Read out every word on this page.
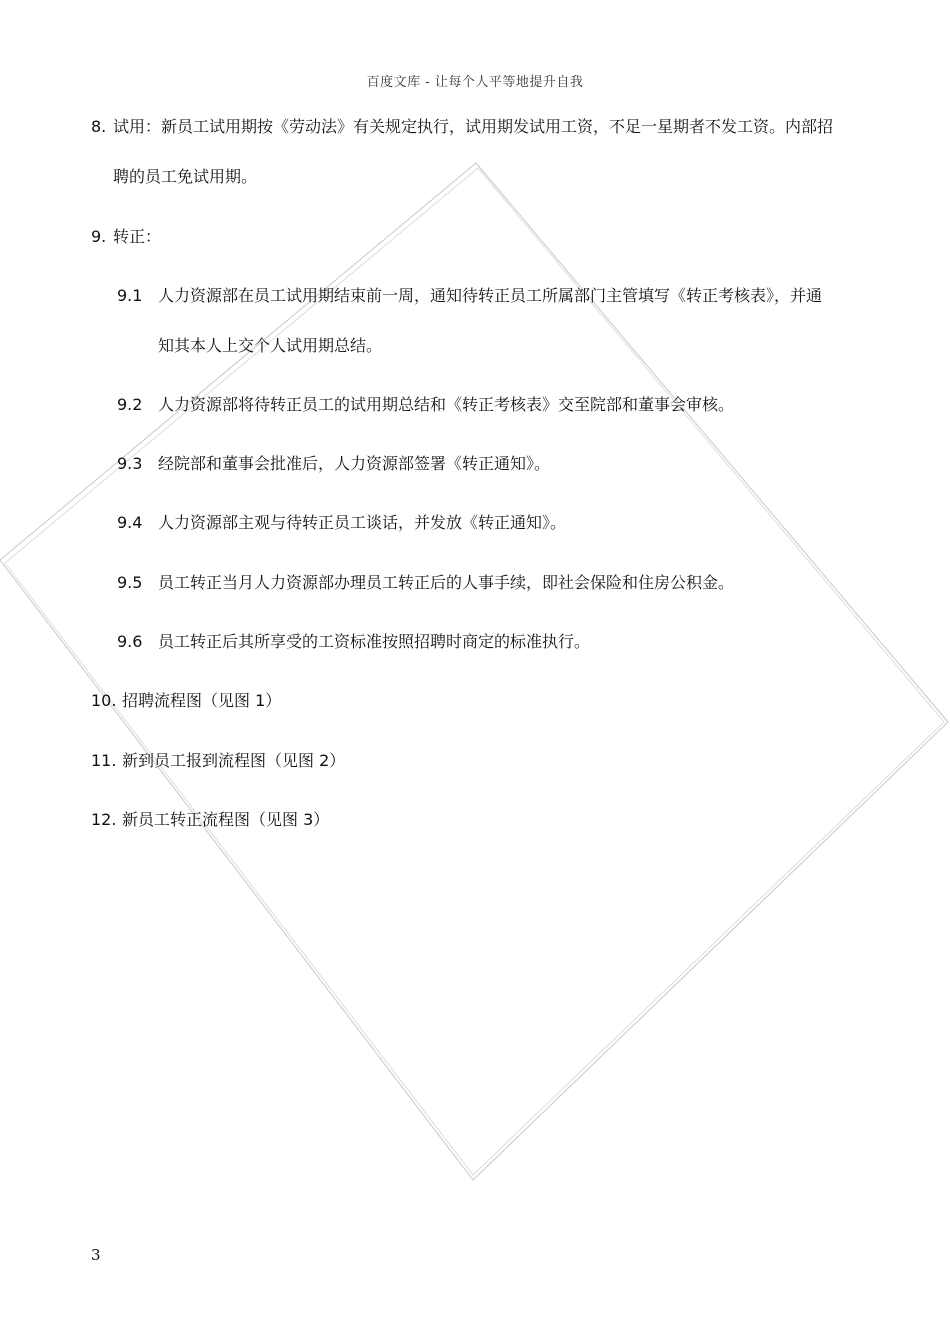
百度文库 - 让每个人平等地提升自我
8. 试用：新员工试用期按《劳动法》有关规定执行，试用期发试用工资，不足一星期者不发工资。内部招
聘的员工免试用期。
9. 转正：
9.1 人力资源部在员工试用期结束前一周，通知待转正员工所属部门主管填写《转正考核表》，并通
知其本人上交个人试用期总结。
9.2 人力资源部将待转正员工的试用期总结和《转正考核表》交至院部和董事会审核。
9.3 经院部和董事会批准后，人力资源部签署《转正通知》。
9.4 人力资源部主观与待转正员工谈话，并发放《转正通知》。
9.5 员工转正当月人力资源部办理员工转正后的人事手续，即社会保险和住房公积金。
9.6 员工转正后其所享受的工资标准按照招聘时商定的标准执行。
10. 招聘流程图（见图 1）
11. 新到员工报到流程图（见图 2）
12. 新员工转正流程图（见图 3）
3
